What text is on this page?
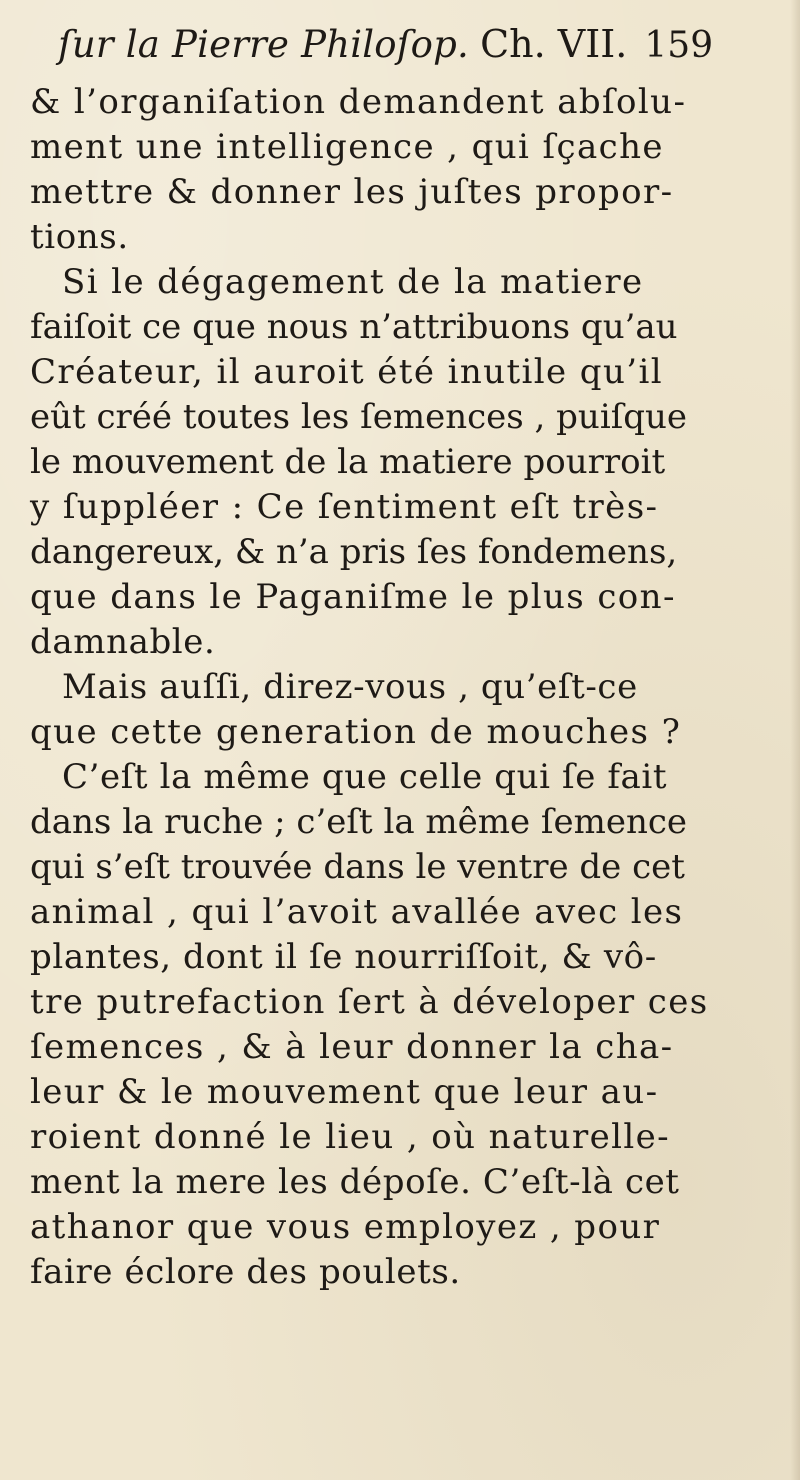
ſur la Pierre Philoſop. Ch. VII. 159
& l’organiſation demandent abſolu-
ment une intelligence , qui ſçache
mettre & donner les juſtes propor-
tions.
Si le dégagement de la matiere
faiſoit ce que nous n’attribuons qu’au
Créateur, il auroit été inutile qu’il
eût créé toutes les ſemences , puiſque
le mouvement de la matiere pourroit
y ſuppléer : Ce ſentiment eſt très-
dangereux, & n’a pris ſes fondemens,
que dans le Paganiſme le plus con-
damnable.
Mais auſſi, direz-vous , qu’eſt-ce
que cette generation de mouches ?
C’eſt la même que celle qui ſe fait
dans la ruche ; c’eſt la même ſemence
qui s’eſt trouvée dans le ventre de cet
animal , qui l’avoit avallée avec les
plantes, dont il ſe nourriſſoit, & vô-
tre putrefaction ſert à déveloper ces
ſemences , & à leur donner la cha-
leur & le mouvement que leur au-
roient donné le lieu , où naturelle-
ment la mere les dépoſe. C’eſt-là cet
athanor que vous employez , pour
faire éclore des poulets.
